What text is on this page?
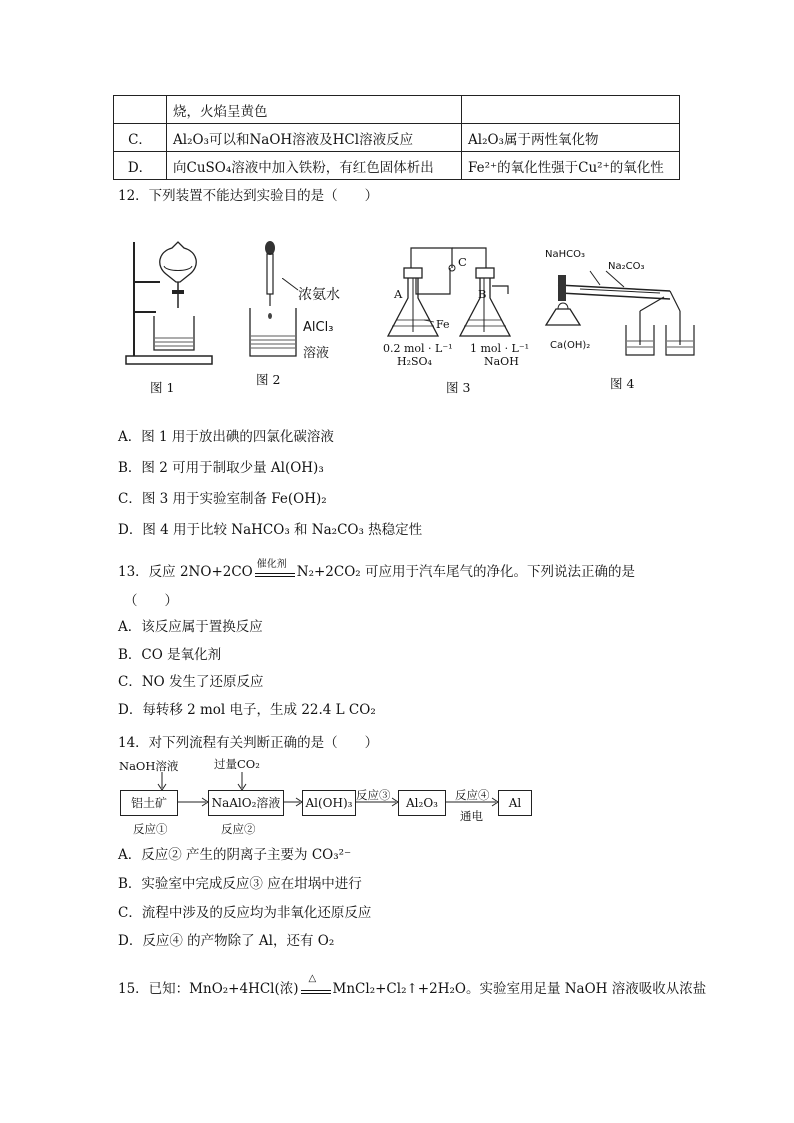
	烧，火焰呈黄色	
C．	Al₂O₃可以和NaOH溶液及HCl溶液反应	Al₂O₃属于两性氧化物
D．	向CuSO₄溶液中加入铁粉，有红色固体析出	Fe²⁺的氧化性强于Cu²⁺的氧化性
12．下列装置不能达到实验目的是（　　）
图 1
浓氨水
AlCl₃
溶液
图 2
A	B
C
Fe
0.2 mol · L⁻¹
H₂SO₄
1 mol · L⁻¹
NaOH
图 3
NaHCO₃
Na₂CO₃
Ca(OH)₂
图 4
A．图 1 用于放出碘的四氯化碳溶液
B．图 2 可用于制取少量 Al(OH)₃
C．图 3 用于实验室制备 Fe(OH)₂
D．图 4 用于比较 NaHCO₃ 和 Na₂CO₃ 热稳定性
13．反应 2NO+2CO 催化剂 N₂+2CO₂ 可应用于汽车尾气的净化。下列说法正确的是
（　　）
A．该反应属于置换反应
B．CO 是氧化剂
C．NO 发生了还原反应
D．每转移 2 mol 电子，生成 22.4 L CO₂
14．对下列流程有关判断正确的是（　　）
NaOH溶液	过量CO₂
铝土矿	NaAlO₂溶液 Al(OH)₃	Al₂O₃	Al
反应①	反应②
反应③	反应④
通电
A．反应② 产生的阴离子主要为 CO₃²⁻
B．实验室中完成反应③ 应在坩埚中进行
C．流程中涉及的反应均为非氧化还原反应
D．反应④ 的产物除了 Al，还有 O₂
15．已知：MnO₂+4HCl(浓)
△
MnCl₂+Cl₂↑+2H₂O。实验室用足量 NaOH 溶液吸收从浓盐
